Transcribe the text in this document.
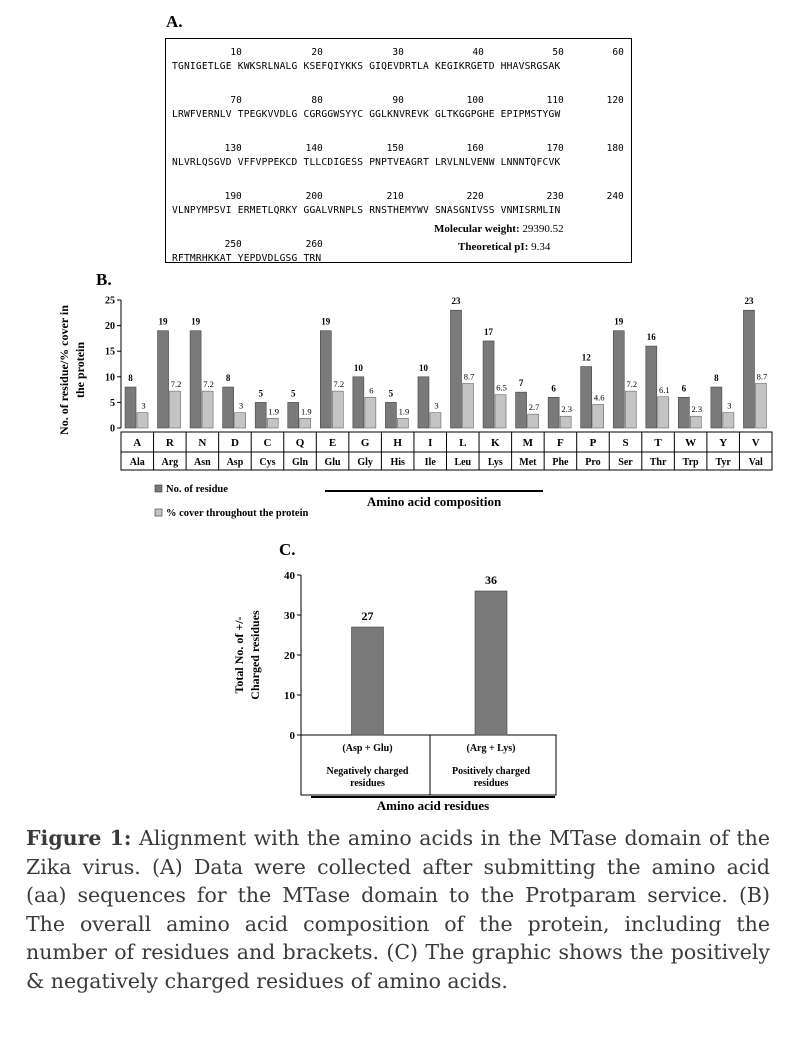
A.
10	20	30	40	50	60
TGNIGETLGE KWKSRLNALG KSEFQIYKKS GIQEVDRTLA KEGIKRGETD HHAVSRGSAK
70	80	90	100	110	120
LRWFVERNLV TPEGKVVDLG CGRGGWSYYC GGLKNVREVK GLTKGGPGHE EPIPMSTYGW
130	140	150	160	170	180
NLVRLQSGVD VFFVPPEKCD TLLCDIGESS PNPTVEAGRT LRVLNLVENW LNNNTQFCVK
190	200	210	220	230	240
VLNPYMPSVI ERMETLQRKY GGALVRNPLS RNSTHEMYWV SNASGNIVSS VNMISRMLIN
250	260
RFTMRHKKAT YEPDVDLGSG TRN
Molecular weight: 29390.52
Theoretical pI: 9.34
B.
0
5
10
15
20
25
No. of residue/% cover in the protein	8
3
A
Ala
19
7.2
R
Arg
19
7.2
N
Asn
8
3
D
Asp
5
1.9
C
Cys
5
1.9
Q
Gln
19
7.2
E
Glu
10
6
G
Gly
5
1.9
H
His
10
3
I
Ile
23
8.7
L
Leu
17
6.5
K
Lys
7
2.7
M
Met
6
2.3
F
Phe
12
4.6
P
Pro
19
7.2
S
Ser
16
6.1
T
Thr
6
2.3
W
Trp
8
3
Y
Tyr
23
8.7
V
Val
No. of residue
% cover throughout the protein
Amino acid composition
C.
0
10
20
30
40
Total No. of +/- Charged residues	27
(Asp + Glu)
Negatively charged
residues
36
(Arg + Lys)
Positively charged
residues
Amino acid residues
Figure 1: Alignment with the amino acids in the MTase domain of the Zika virus. (A) Data were collected after submitting the amino acid (aa) sequences for the MTase domain to the Protparam service. (B) The overall amino acid composition of the protein, including the number of residues and brackets. (C) The graphic shows the positively & negatively charged residues of amino acids.
